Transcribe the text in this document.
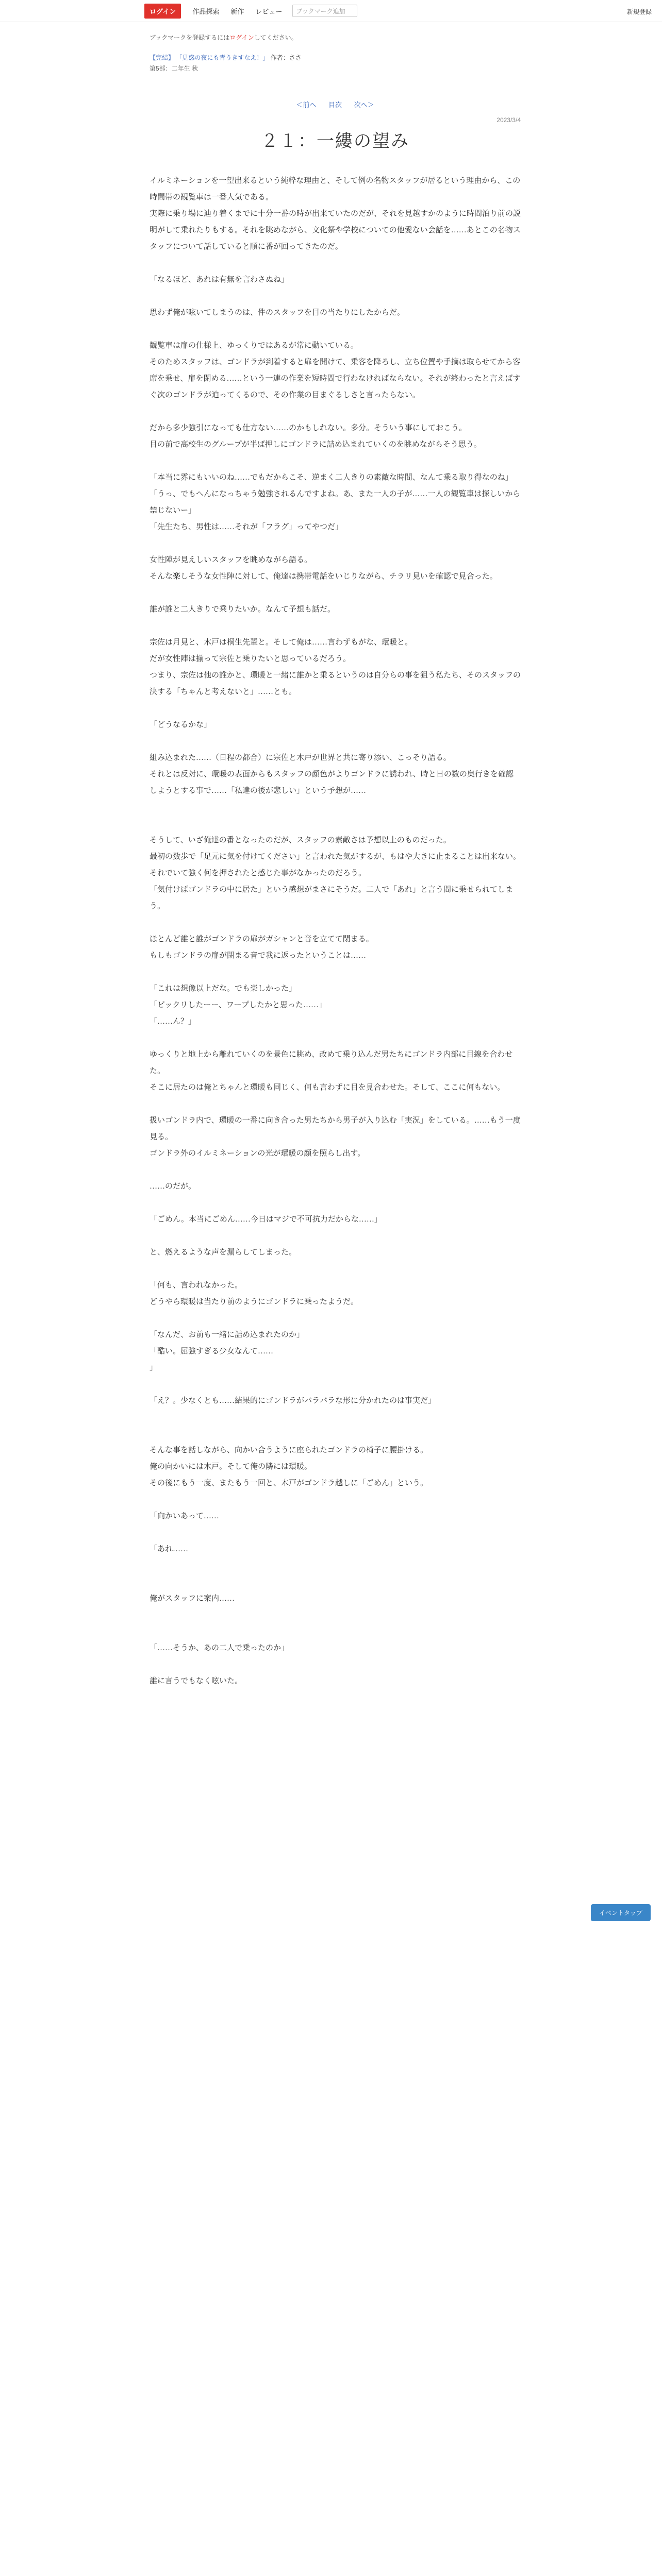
ログイン	作品探索 新作 レビュー	ブックマーク追加	新規登録
ブックマークを登録するにはログインしてください。
【完結】 「見惑の夜にも青うきすなえ！」 作者：ささ
第5部：二年生 秋
＜前へ 目次 次へ＞
2023/3/4
２１：一縷の望み

イルミネーションを一望出来るという純粋な理由と、そして例の名物スタッフが居るという理由から、この時間帯の観覧車は一番人気である。

実際に乗り場に辿り着くまでに十分一番の時が出来ていたのだが、それを見越すかのように時間泊り前の説明がして乗れたりもする。それを眺めながら、文化祭や学校についての他愛ない会話を……あとこの名物スタッフについて話していると順に番が回ってきたのだ。

「なるほど、あれは有無を言わさぬね」

思わず俺が呟いてしまうのは、件のスタッフを目の当たりにしたからだ。

観覧車は扉の仕様上、ゆっくりではあるが常に動いている。

そのためスタッフは、ゴンドラが到着すると扉を開けて、乗客を降ろし、立ち位置や手摘は取らせてから客席を乗せ、扉を閉める……という一連の作業を短時間で行わなければならない。それが終わったと言えばすぐ次のゴンドラが迫ってくるので、その作業の目まぐるしさと言ったらない。

だから多少強引になっても仕方ない……のかもしれない。多分。そういう事にしておこう。

目の前で高校生のグループが半ば押しにゴンドラに詰め込まれていくのを眺めながらそう思う。

「本当に雰にもいいのね……でもだからこそ、逆まく二人きりの素敵な時間、なんて乗る取り得なのね」

「うっ、でもへんになっちゃう勉強されるんですよね。あ、また一人の子が……一人の観覧車は探しいから禁じないー」

「先生たち、男性は……それが「フラグ」ってやつだ」

女性陣が見えしいスタッフを眺めながら語る。

そんな楽しそうな女性陣に対して、俺達は携帯電話をいじりながら、チラリ見いを確認で見合った。

誰が誰と二人きりで乗りたいか。なんて予想も話だ。

宗佐は月見と、木戸は桐生先輩と。そして俺は……言わずもがな、環暖と。

だが女性陣は揃って宗佐と乗りたいと思っているだろう。

つまり、宗佐は他の誰かと、環暖と一緒に誰かと乗るというのは自分らの事を狙う私たち、そのスタッフの決する「ちゃんと考えないと」……とも。

「どうなるかな」

組み込まれた……（日程の都合）に宗佐と木戸が世界と共に寄り添い、こっそり語る。

それとは反対に、環暖の表面からもスタッフの顔色がよりゴンドラに誘われ、時と日の数の奥行きを確認しようとする事で……「私達の後が悲しい」という予想が……

そうして、いざ俺達の番となったのだが、スタッフの素敵さは予想以上のものだった。

最初の数歩で「足元に気を付けてください」と言われた気がするが、もはや大きに止まることは出来ない。それでいて強く何を押されたと感じた事がなかったのだろう。

「気付けばゴンドラの中に居た」という感想がまさにそうだ。二人で「あれ」と言う間に乗せられてしまう。

ほとんど誰と誰がゴンドラの扉がガシャンと音を立てて閉まる。

もしもゴンドラの扉が閉まる音で我に返ったということは……

「これは想像以上だな。でも楽しかった」

「ビックリしたーー、ワープしたかと思った……」

「……ん？」

ゆっくりと地上から離れていくのを景色に眺め、改めて乗り込んだ男たちにゴンドラ内部に目線を合わせた。

そこに居たのは俺とちゃんと環暖も同じく、何も言わずに目を見合わせた。そして、ここに何もない。

扱いゴンドラ内で、環暖の一番に向き合った男たちから男子が入り込む「実況」をしている。……もう一度見る。

ゴンドラ外のイルミネーションの光が環暖の顔を照らし出す。

……のだが。

「ごめん。本当にごめん……今日はマジで不可抗力だからな……」

と、燃えるような声を漏らしてしまった。

「何も、言われなかった。

どうやら環暖は当たり前のようにゴンドラに乗ったようだ。

「なんだ、お前も一緒に詰め込まれたのか」

「酷い。屈強すぎる少女なんて……

」

「え？。少なくとも……結果的にゴンドラがバラバラな形に分かれたのは事実だ」

そんな事を話しながら、向かい合うように座られたゴンドラの椅子に腰掛ける。

俺の向かいには木戸。そして俺の隣には環暖。

その後にもう一度、またもう一回と、木戸がゴンドラ越しに「ごめん」という。

「向かいあって……

「あれ……

俺がスタッフに案内……

「……そうか、あの二人で乗ったのか」

誰に言うでもなく呟いた。

イベントタップ
